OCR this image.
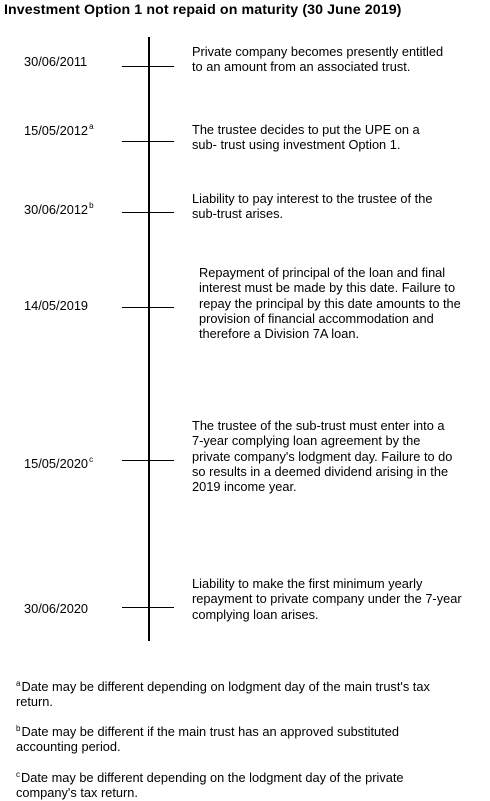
Investment Option 1 not repaid on maturity (30 June 2019)
30/06/2011
Private company becomes presently entitled
to an amount from an associated trust.
15/05/2012$^a$	The trustee decides to put the UPE on a
sub- trust using investment Option 1.
30/06/2012$^b$	Liability to pay interest to the trustee of the
sub-trust arises.
14/05/2019
Repayment of principal of the loan and final
interest must be made by this date. Failure to
repay the principal by this date amounts to the
provision of financial accommodation and
therefore a Division 7A loan.
15/05/2020$^c$
The trustee of the sub-trust must enter into a
7-year complying loan agreement by the
private company's lodgment day. Failure to do
so results in a deemed dividend arising in the
2019 income year.
30/06/2020
Liability to make the first minimum yearly
repayment to private company under the 7-year
complying loan arises.
$^a$Date may be different depending on lodgment day of the main trust's tax
return.
$^b$Date may be different if the main trust has an approved substituted
accounting period.
$^c$Date may be different depending on the lodgment day of the private
company's tax return.
